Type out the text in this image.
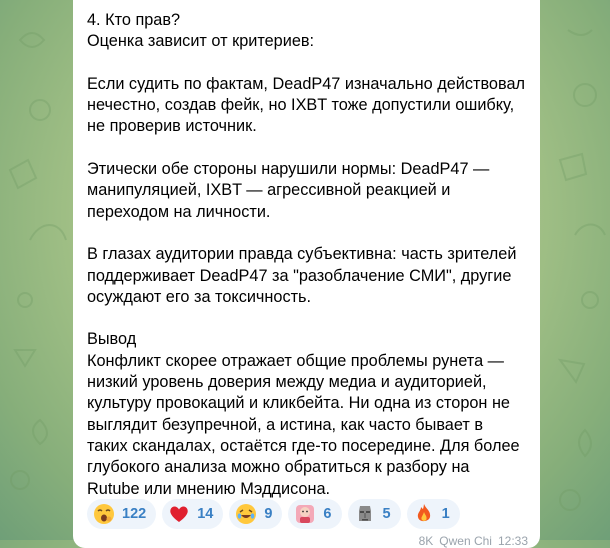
4. Кто прав?
Оценка зависит от критериев:

Если судить по фактам, DeadP47 изначально действовал нечестно, создав фейк, но IXBT тоже допустили ошибку, не проверив источник.

Этически обе стороны нарушили нормы: DeadP47 — манипуляцией, IXBT — агрессивной реакцией и переходом на личности.

В глазах аудитории правда субъективна: часть зрителей поддерживает DeadP47 за "разоблачение СМИ", другие осуждают его за токсичность.

Вывод
Конфликт скорее отражает общие проблемы рунета — низкий уровень доверия между медиа и аудиторией, культуру провокаций и кликбейта. Ни одна из сторон не выглядит безупречной, а истина, как часто бывает в таких скандалах, остаётся где-то посередине. Для более глубокого анализа можно обратиться к разбору на Rutube или мнению Мэддисона.
122	14	9	6	5	1
8K Qwen Chi 12:33
